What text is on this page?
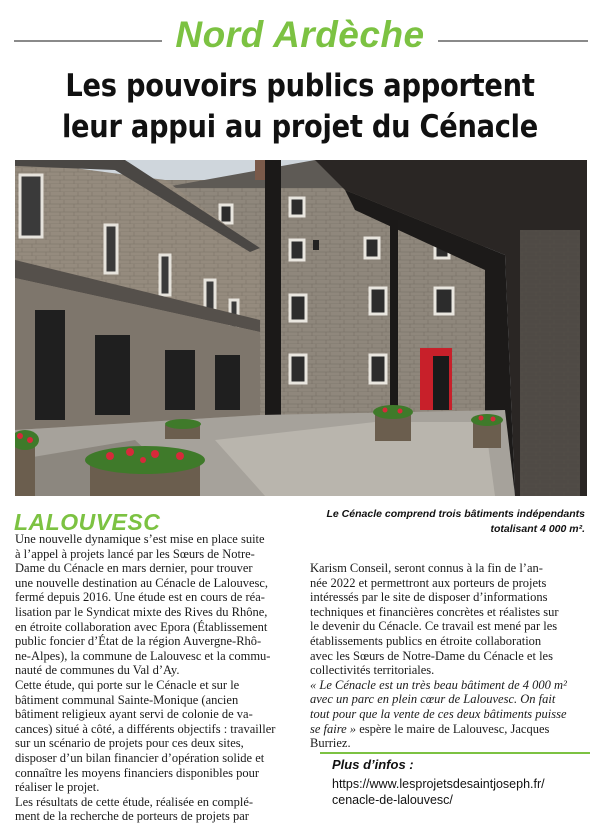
Nord Ardèche
Les pouvoirs publics apportent
leur appui au projet du Cénacle
LALOUVESC	Le Cénacle comprend trois bâtiments indépendants
totalisant 4 000 m².

Une nouvelle dynamique s’est mise en place suite

à l’appel à projets lancé par les Sœurs de Notre-

Dame du Cénacle en mars dernier, pour trouver

une nouvelle destination au Cénacle de Lalouvesc,

fermé depuis 2016. Une étude est en cours de réa-

lisation par le Syndicat mixte des Rives du Rhône,

en étroite collaboration avec Epora (Établissement

public foncier d’État de la région Auvergne-Rhô-

ne-Alpes), la commune de Lalouvesc et la commu-

nauté de communes du Val d’Ay.

Cette étude, qui porte sur le Cénacle et sur le

bâtiment communal Sainte-Monique (ancien

bâtiment religieux ayant servi de colonie de va-

cances) situé à côté, a différents objectifs : travailler

sur un scénario de projets pour ces deux sites,

disposer d’un bilan financier d’opération solide et

connaître les moyens financiers disponibles pour

réaliser le projet.

Les résultats de cette étude, réalisée en complé-

ment de la recherche de porteurs de projets par

Karism Conseil, seront connus à la fin de l’an-

née 2022 et permettront aux porteurs de projets

intéressés par le site de disposer d’informations

techniques et financières concrètes et réalistes sur

le devenir du Cénacle. Ce travail est mené par les

établissements publics en étroite collaboration

avec les Sœurs de Notre-Dame du Cénacle et les

collectivités territoriales.

« Le Cénacle est un très beau bâtiment de 4 000 m²

avec un parc en plein cœur de Lalouvesc. On fait

tout pour que la vente de ces deux bâtiments puisse

se faire » espère le maire de Lalouvesc, Jacques

Burriez.

Plus d’infos :
https://www.lesprojetsdesaintjoseph.fr/
cenacle-de-lalouvesc/
